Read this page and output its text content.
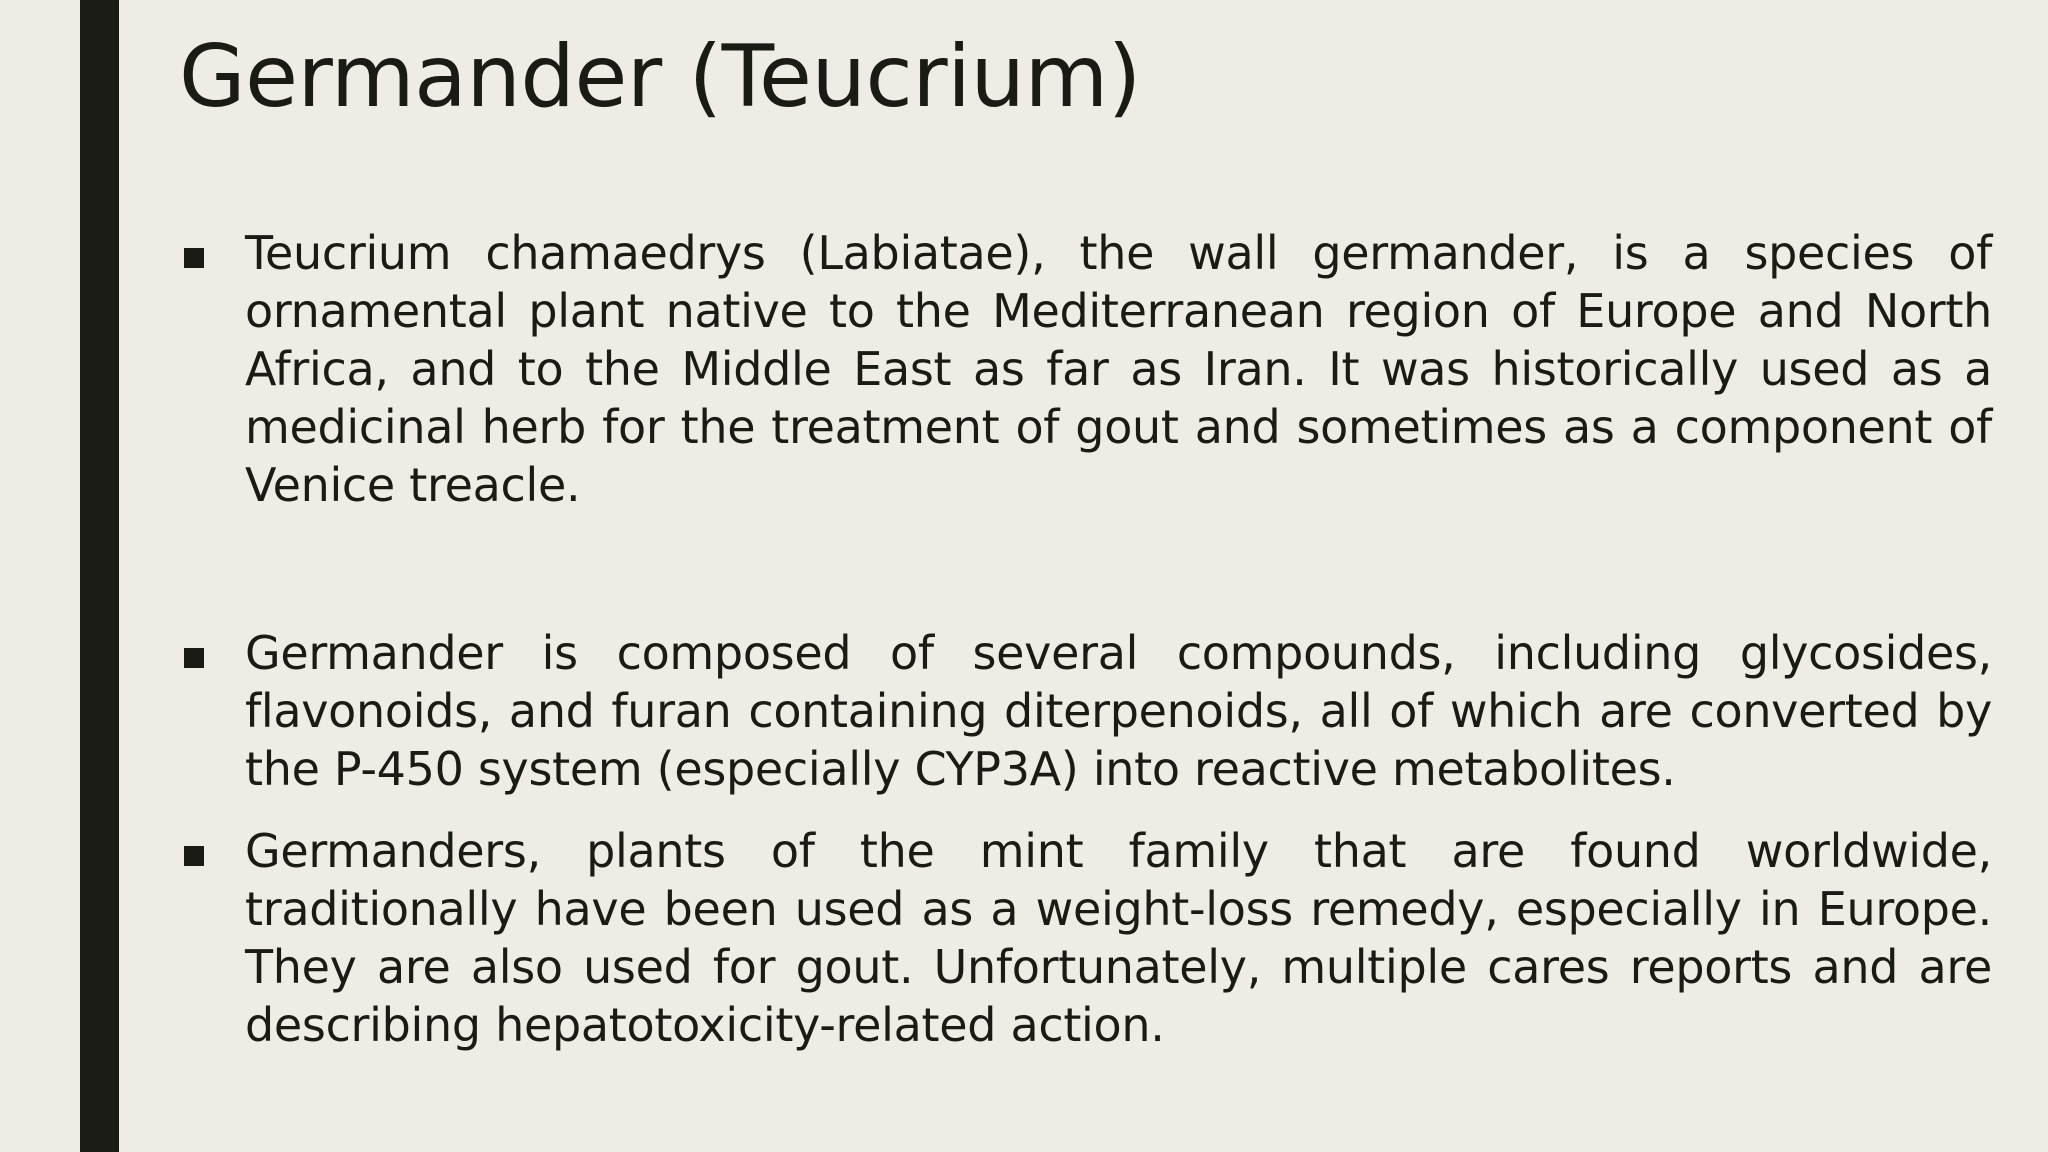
Germander (Teucrium)

Teucrium chamaedrys (Labiatae), the wall germander, is a species of ornamental plant native to the Mediterranean region of Europe and North Africa, and to the Middle East as far as Iran. It was historically used as a medicinal herb for the treatment of gout and sometimes as a component of Venice treacle.

Germander is composed of several compounds, including glycosides, flavonoids, and furan containing diterpenoids, all of which are converted by the P-450 system (especially CYP3A) into reactive metabolites.

Germanders, plants of the mint family that are found worldwide, traditionally have been used as a weight-loss remedy, especially in Europe. They are also used for gout. Unfortunately, multiple cares reports and are describing hepatotoxicity-related action.
